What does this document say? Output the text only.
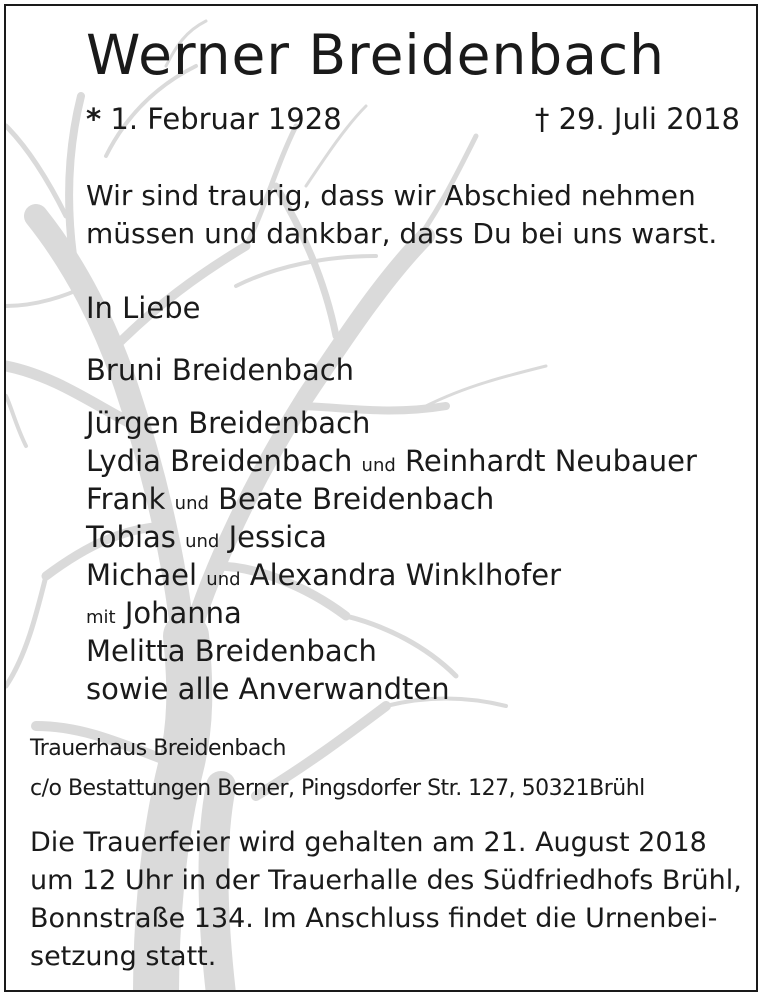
Werner Breidenbach
* 1. Februar 1928	† 29. Juli 2018
Wir sind traurig, dass wir Abschied nehmen
müssen und dankbar, dass Du bei uns warst.
In Liebe
Bruni Breidenbach
Jürgen Breidenbach
Lydia Breidenbach und Reinhardt Neubauer
Frank und Beate Breidenbach
Tobias und Jessica
Michael und Alexandra Winklhofer
mit Johanna
Melitta Breidenbach
sowie alle Anverwandten
Trauerhaus Breidenbach
c/o Bestattungen Berner, Pingsdorfer Str. 127, 50321Brühl
Die Trauerfeier wird gehalten am 21. August 2018 um 12 Uhr in der Trauerhalle des Südfriedhofs Brühl, Bonnstraße 134. Im Anschluss findet die Urnenbei- setzung statt.
